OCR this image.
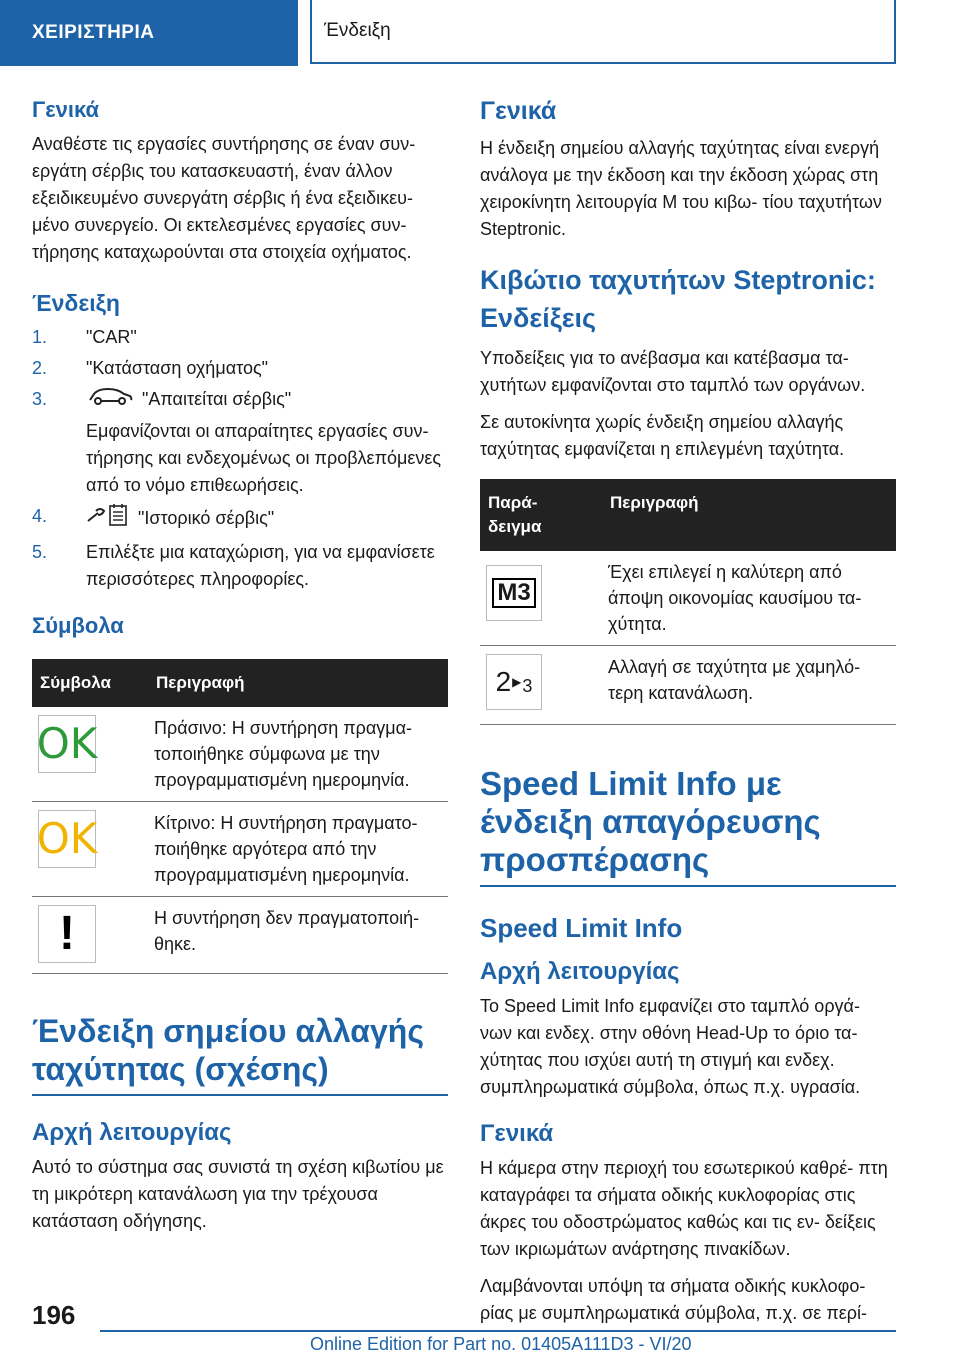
ΧΕΙΡΙΣΤΗΡΙΑ	Ένδειξη
Γενικά

Αναθέστε τις εργασίες συντήρησης σε έναν συν- εργάτη σέρβις του κατασκευαστή, έναν άλλον εξειδικευμένο συνεργάτη σέρβις ή ένα εξειδικευ- μένο συνεργείο. Οι εκτελεσμένες εργασίες συν- τήρησης καταχωρούνται στα στοιχεία οχήματος.

Ένδειξη
1. "CAR"
2. "Κατάσταση οχήματος"
3.	"Απαιτείται σέρβις"
Εμφανίζονται οι απαραίτητες εργασίες συν- τήρησης και ενδεχομένως οι προβλεπόμενες από το νόμο επιθεωρήσεις.
4.	"Ιστορικό σέρβις"
5. Επιλέξτε μια καταχώριση, για να εμφανίσετε περισσότερες πληροφορίες.
Σύμβολα
Σύμβολα	Περιγραφή

OK	Πράσινο: Η συντήρηση πραγμα- τοποιήθηκε σύμφωνα με την προγραμματισμένη ημερομηνία.

OK	Κίτρινο: Η συντήρηση πραγματο- ποιήθηκε αργότερα από την προγραμματισμένη ημερομηνία.

!	Η συντήρηση δεν πραγματοποιή- θηκε.
Ένδειξη σημείου αλλαγής ταχύτητας (σχέσης)
Αρχή λειτουργίας

Αυτό το σύστημα σας συνιστά τη σχέση κιβωτίου με τη μικρότερη κατανάλωση για την τρέχουσα κατάσταση οδήγησης.

Γενικά

Η ένδειξη σημείου αλλαγής ταχύτητας είναι ενεργή ανάλογα με την έκδοση και την έκδοση χώρας στη χειροκίνητη λειτουργία M του κιβω- τίου ταχυτήτων Steptronic.

Κιβώτιο ταχυτήτων Steptronic: Ενδείξεις

Υποδείξεις για το ανέβασμα και κατέβασμα τα- χυτήτων εμφανίζονται στο ταμπλό των οργάνων.

Σε αυτοκίνητα χωρίς ένδειξη σημείου αλλαγής ταχύτητας εμφανίζεται η επιλεγμένη ταχύτητα.

Παρά- δειγμα	Περιγραφή

M3	Έχει επιλεγεί η καλύτερη από άποψη οικονομίας καυσίμου τα- χύτητα.

2 ▶ 3	Αλλαγή σε ταχύτητα με χαμηλό- τερη κατανάλωση.
Speed Limit Info με ένδειξη απαγόρευσης προσπέρασης
Speed Limit Info
Αρχή λειτουργίας

Το Speed Limit Info εμφανίζει στο ταμπλό οργά- νων και ενδεχ. στην οθόνη Head-Up το όριο τα- χύτητας που ισχύει αυτή τη στιγμή και ενδεχ. συμπληρωματικά σύμβολα, όπως π.χ. υγρασία.

Γενικά

Η κάμερα στην περιοχή του εσωτερικού καθρέ- πτη καταγράφει τα σήματα οδικής κυκλοφορίας στις άκρες του οδοστρώματος καθώς και τις εν- δείξεις των ικριωμάτων ανάρτησης πινακίδων.

Λαμβάνονται υπόψη τα σήματα οδικής κυκλοφο- ρίας με συμπληρωματικά σύμβολα, π.χ. σε περί-

196
Online Edition for Part no. 01405A111D3 - VI/20
